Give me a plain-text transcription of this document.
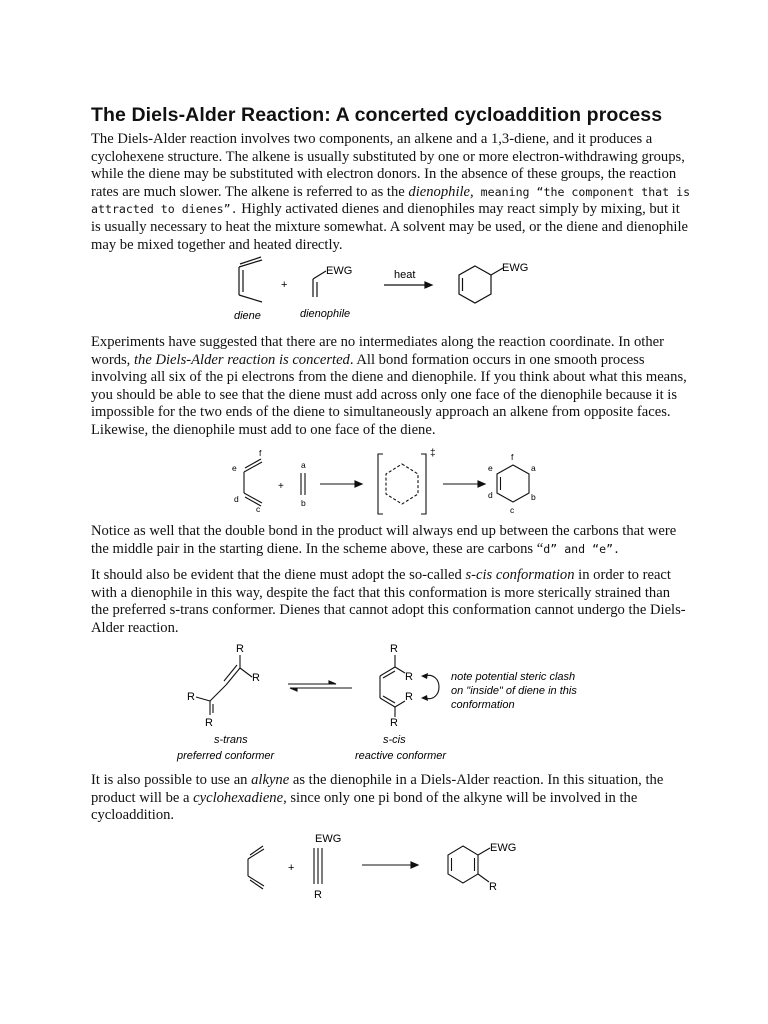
The Diels-Alder Reaction: A concerted cycloaddition process

The Diels-Alder reaction involves two components, an alkene and a 1,3-diene, and it produces a cyclohexene structure. The alkene is usually substituted by one or more electron-withdrawing groups, while the diene may be substituted with electron donors. In the absence of these groups, the reaction rates are much slower. The alkene is referred to as the dienophile, meaning “the component that is attracted to dienes”. Highly activated dienes and dienophiles may react simply by mixing, but it is usually necessary to heat the mixture somewhat. A solvent may be used, or the diene and dienophile may be mixed together and heated directly.

+
EWG	heat
EWG
diene	dienophile

Experiments have suggested that there are no intermediates along the reaction coordinate. In other words, the Diels-Alder reaction is concerted. All bond formation occurs in one smooth process involving all six of the pi electrons from the diene and dienophile. If you think about what this means, you should be able to see that the diene must add across only one face of the dienophile because it is impossible for the two ends of the diene to simultaneously approach an alkene from opposite faces. Likewise, the dienophile must add to one face of the diene.

f
e
d
c
+
a
b
‡	f
a
e
b
d
c

Notice as well that the double bond in the product will always end up between the carbons that were the middle pair in the starting diene. In the scheme above, these are carbons “d” and “e”.

It should also be evident that the diene must adopt the so-called s-cis conformation in order to react with a dienophile in this way, despite the fact that this conformation is more sterically strained than the preferred s-trans conformer. Dienes that cannot adopt this conformation cannot undergo the Diels-Alder reaction.

R
R
R
R
R
R
R
R
note potential steric clash
on "inside" of diene in this
conformation
s-trans
preferred conformer
s-cis
reactive conformer

It is also possible to use an alkyne as the dienophile in a Diels-Alder reaction. In this situation, the product will be a cyclohexadiene, since only one pi bond of the alkyne will be involved in the cycloaddition.

+
EWG
R
EWG
R
